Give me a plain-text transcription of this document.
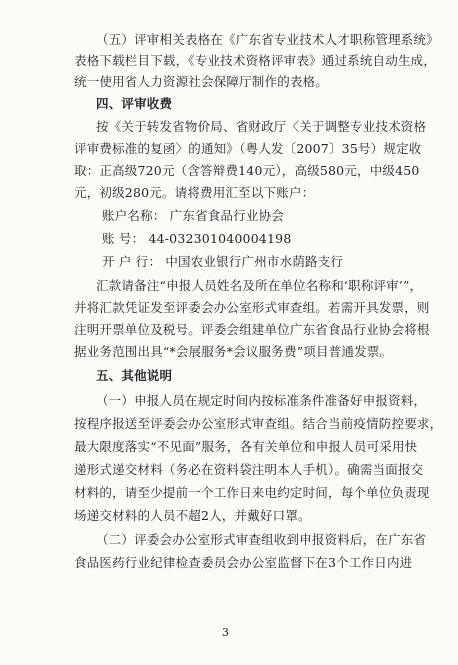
（五）评审相关表格在《广东省专业技术人才职称管理系统》
表格下载栏目下载，《专业技术资格评审表》通过系统自动生成，
统一使用省人力资源社会保障厅制作的表格。
四、评审收费
按《关于转发省物价局、省财政厅〈关于调整专业技术资格
评审费标准的复函〉的通知》（粤人发〔2007〕35号）规定收
取：正高级720元（含答辩费140元），高级580元，中级450
元，初级280元。请将费用汇至以下账户：
账户名称： 广东省食品行业协会
账 号： 44-032301040004198
开 户 行： 中国农业银行广州市水荫路支行
汇款请备注“申报人员姓名及所在单位名称和‘职称评审’”，
并将汇款凭证发至评委会办公室形式审查组。若需开具发票，则
注明开票单位及税号。评委会组建单位广东省食品行业协会将根
据业务范围出具“*会展服务*会议服务费”项目普通发票。
五、其他说明
（一）申报人员在规定时间内按标准条件准备好申报资料，
按程序报送至评委会办公室形式审查组。结合当前疫情防控要求，
最大限度落实“不见面”服务，各有关单位和申报人员可采用快
递形式递交材料（务必在资料袋注明本人手机）。确需当面报交
材料的，请至少提前一个工作日来电约定时间，每个单位负责现
场递交材料的人员不超2人，并戴好口罩。
（二）评委会办公室形式审查组收到申报资料后，在广东省
食品医药行业纪律检查委员会办公室监督下在3个工作日内进
3
